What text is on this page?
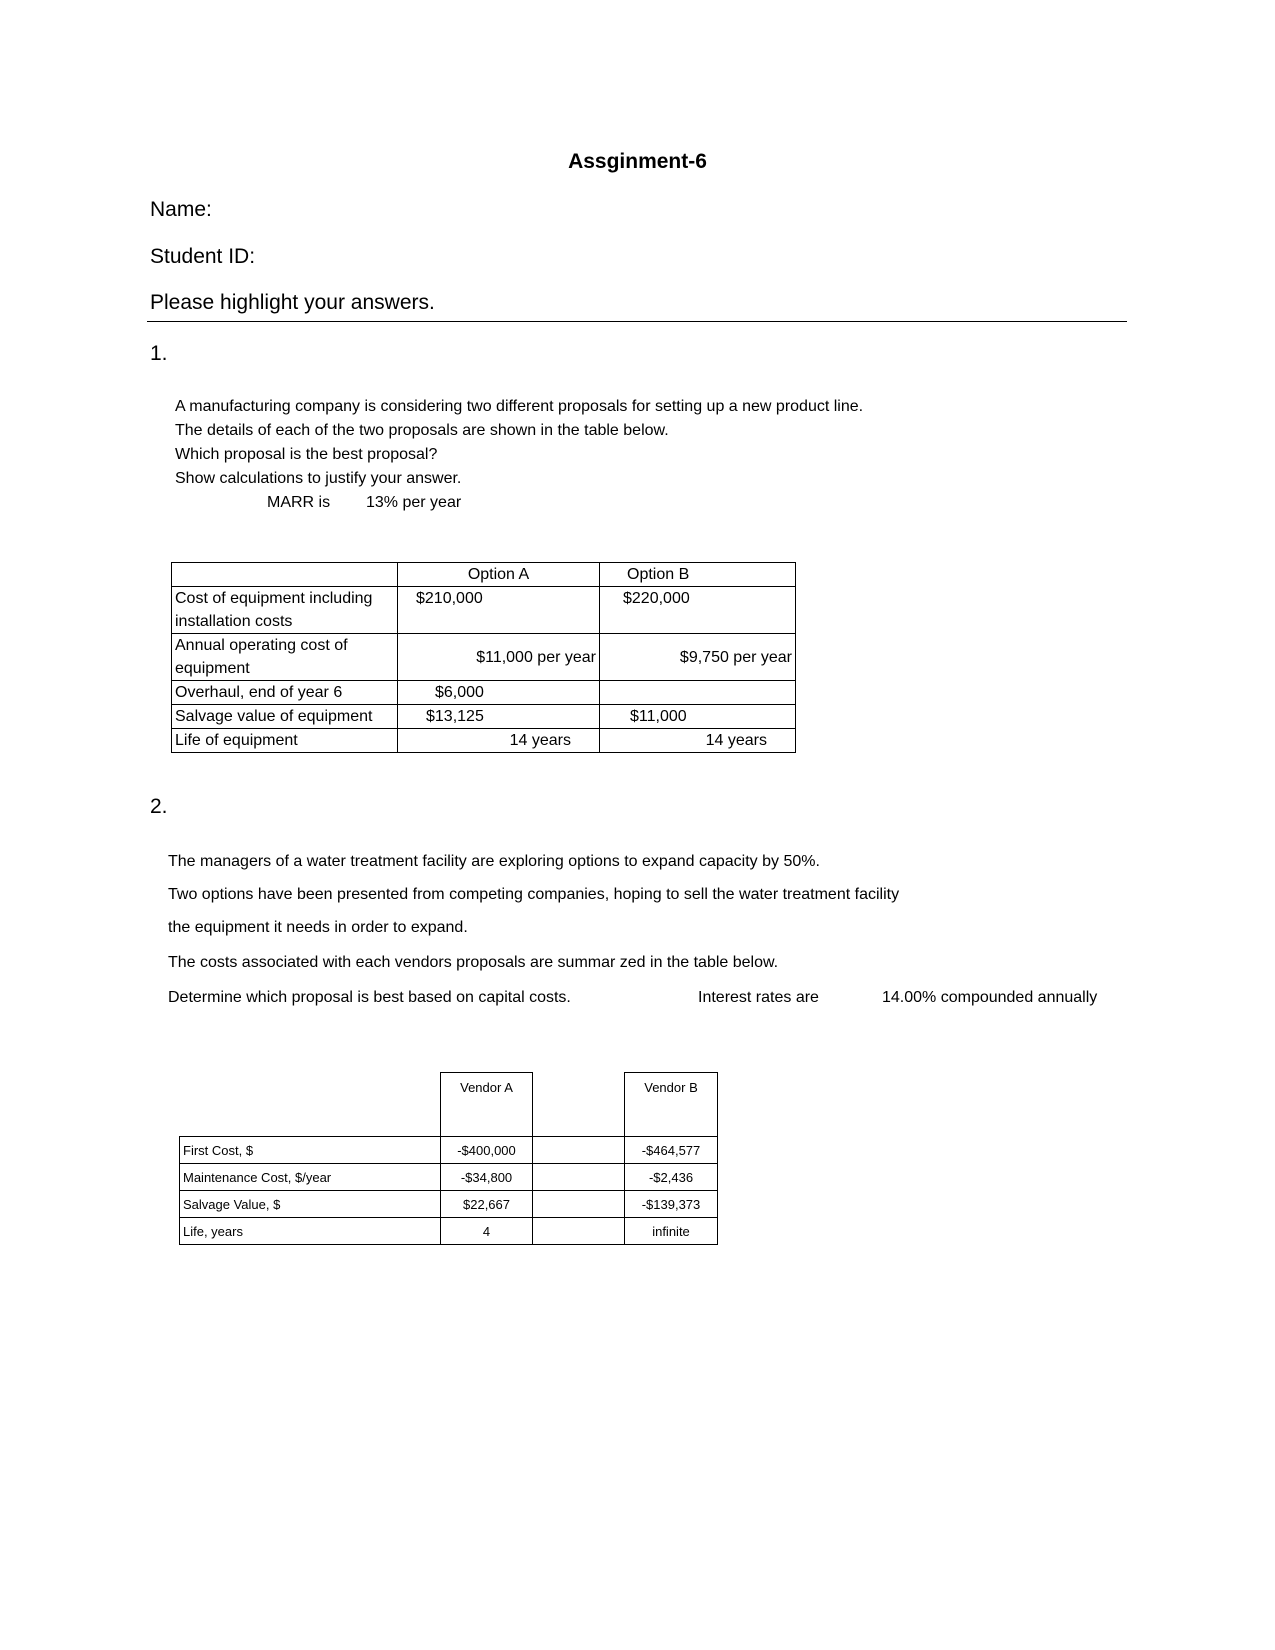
Assginment-6
Name:
Student ID:
Please highlight your answers.
1.
A manufacturing company is considering two different proposals for setting up a new product line.
The details of each of the two proposals are shown in the table below.
Which proposal is the best proposal?
Show calculations to justify your answer.
MARR is 13% per year
	Option A	Option B
Cost of equipment including installation costs	$210,000	$220,000
Annual operating cost of equipment	$11,000 per year	$9,750 per year
Overhaul, end of year 6	$6,000	
Salvage value of equipment	$13,125	$11,000
Life of equipment	14 years	14 years
2.
The managers of a water treatment facility are exploring options to expand capacity by 50%.
Two options have been presented from competing companies, hoping to sell the water treatment facility
the equipment it needs in order to expand.
The costs associated with each vendors proposals are summar zed in the table below.
Determine which proposal is best based on capital costs.	Interest rates are	14.00% compounded annually
	Vendor A		Vendor B
First Cost, $	-$400,000		-$464,577
Maintenance Cost, $/year	-$34,800		-$2,436
Salvage Value, $	$22,667		-$139,373
Life, years	4		infinite
